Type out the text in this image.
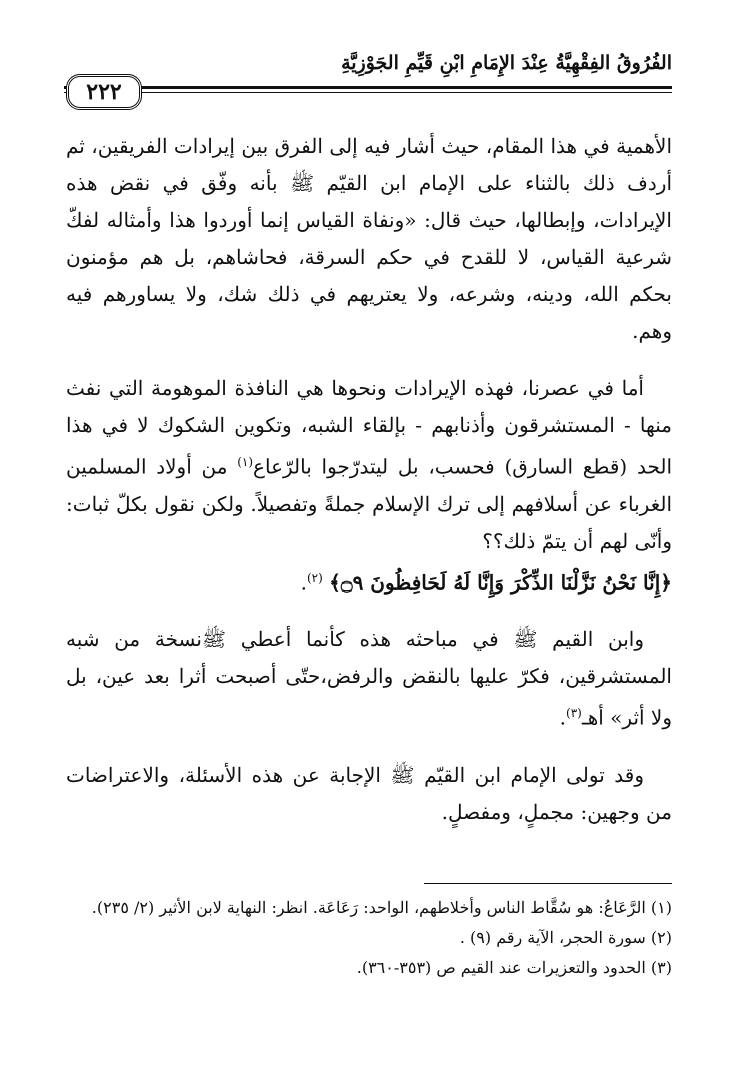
٢٢٢
الفُرُوقُ الفِقْهِيَّةُ عِنْدَ الإِمَامِ ابْنِ قَيِّمِ الجَوْزِيَّةِ

الأهمية في هذا المقام، حيث أشار فيه إلى الفرق بين إيرادات الفريقين، ثم أردف ذلك بالثناء على الإمام ابن القيّم ﷺ بأنه وفّق في نقض هذه الإيرادات، وإبطالها، حيث قال: «ونفاة القياس إنما أوردوا هذا وأمثاله لفكّ شرعية القياس، لا للقدح في حكم السرقة، فحاشاهم، بل هم مؤمنون بحكم الله، ودينه، وشرعه، ولا يعتريهم في ذلك شك، ولا يساورهم فيه وهم.

أما في عصرنا، فهذه الإيرادات ونحوها هي النافذة الموهومة التي نفث منها - المستشرقون وأذنابهم - بإلقاء الشبه، وتكوين الشكوك لا في هذا الحد (قطع السارق) فحسب، بل ليتدرّجوا بالرّعاع$^{(١)}$ من أولاد المسلمين الغرباء عن أسلافهم إلى ترك الإسلام جملةً وتفصيلاً. ولكن نقول بكلّ ثبات: وأنّى لهم أن يتمّ ذلك؟؟
﴿إِنَّا نَحْنُ نَزَّلْنَا الذِّكْرَ وَإِنَّا لَهُ لَحَافِظُونَ ۝٩﴾ $^{(٢)}$.

وابن القيم ﷺ في مباحثه هذه كأنما أعطي ﷺنسخة من شبه المستشرقين، فكرّ عليها بالنقض والرفض،حتّى أصبحت أثرا بعد عين، بل ولا أثر» أهـ$^{(٣)}$.

وقد تولى الإمام ابن القيّم ﷺ الإجابة عن هذه الأسئلة، والاعتراضات من وجهين: مجملٍ، ومفصلٍ.

(١) الرَّعَاعُ: هو سُقَّاط الناس وأخلاطهم، الواحد: رَعَاعَة. انظر: النهاية لابن الأثير (٢/ ٢٣٥).
(٢) سورة الحجر، الآية رقم (٩) .
(٣) الحدود والتعزيرات عند القيم ص (٣٥٣-٣٦٠).
